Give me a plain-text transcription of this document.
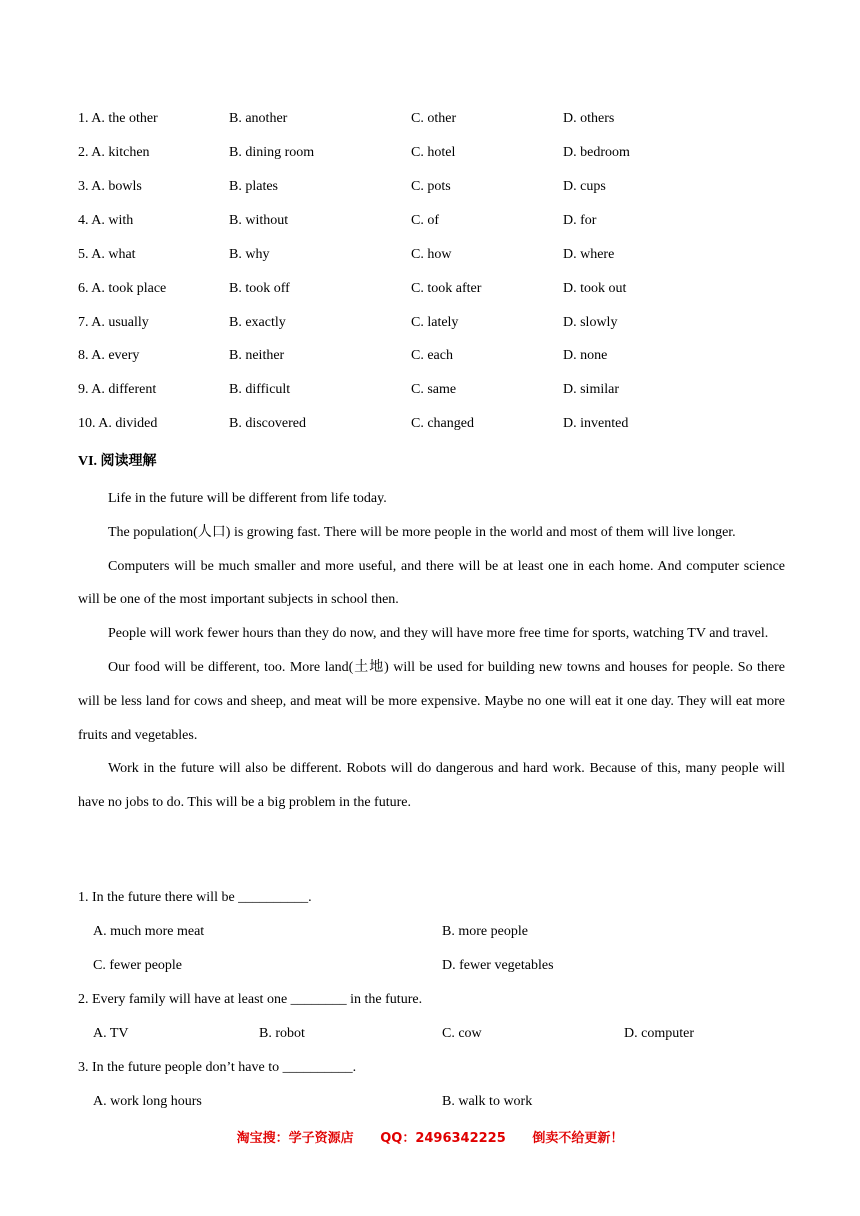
1. A. the other	B. another	C. other	D. others
2. A. kitchen	B. dining room	C. hotel	D. bedroom
3. A. bowls	B. plates	C. pots	D. cups
4. A. with	B. without	C. of	D. for
5. A. what	B. why	C. how	D. where
6. A. took place	B. took off	C. took after	D. took out
7. A. usually	B. exactly	C. lately	D. slowly
8. A. every	B. neither	C. each	D. none
9. A. different	B. difficult	C. same	D. similar
10. A. divided	B. discovered	C. changed	D. invented
VI. 阅读理解

Life in the future will be different from life today.

The population(人口) is growing fast. There will be more people in the world and most of them will live longer.

Computers will be much smaller and more useful, and there will be at least one in each home. And computer science will be one of the most important subjects in school then.

People will work fewer hours than they do now, and they will have more free time for sports, watching TV and travel.

Our food will be different, too. More land(土地) will be used for building new towns and houses for people. So there will be less land for cows and sheep, and meat will be more expensive. Maybe no one will eat it one day. They will eat more fruits and vegetables.

Work in the future will also be different. Robots will do dangerous and hard work. Because of this, many people will have no jobs to do. This will be a big problem in the future.

1. In the future there will be __________.
A. much more meat	B. more people
C. fewer people	D. fewer vegetables
2. Every family will have at least one ________ in the future.
A. TV	B. robot	C. cow	D. computer
3. In the future people don’t have to __________.
A. work long hours	B. walk to work
淘宝搜：学子资源店 QQ：2496342225 倒卖不给更新！
